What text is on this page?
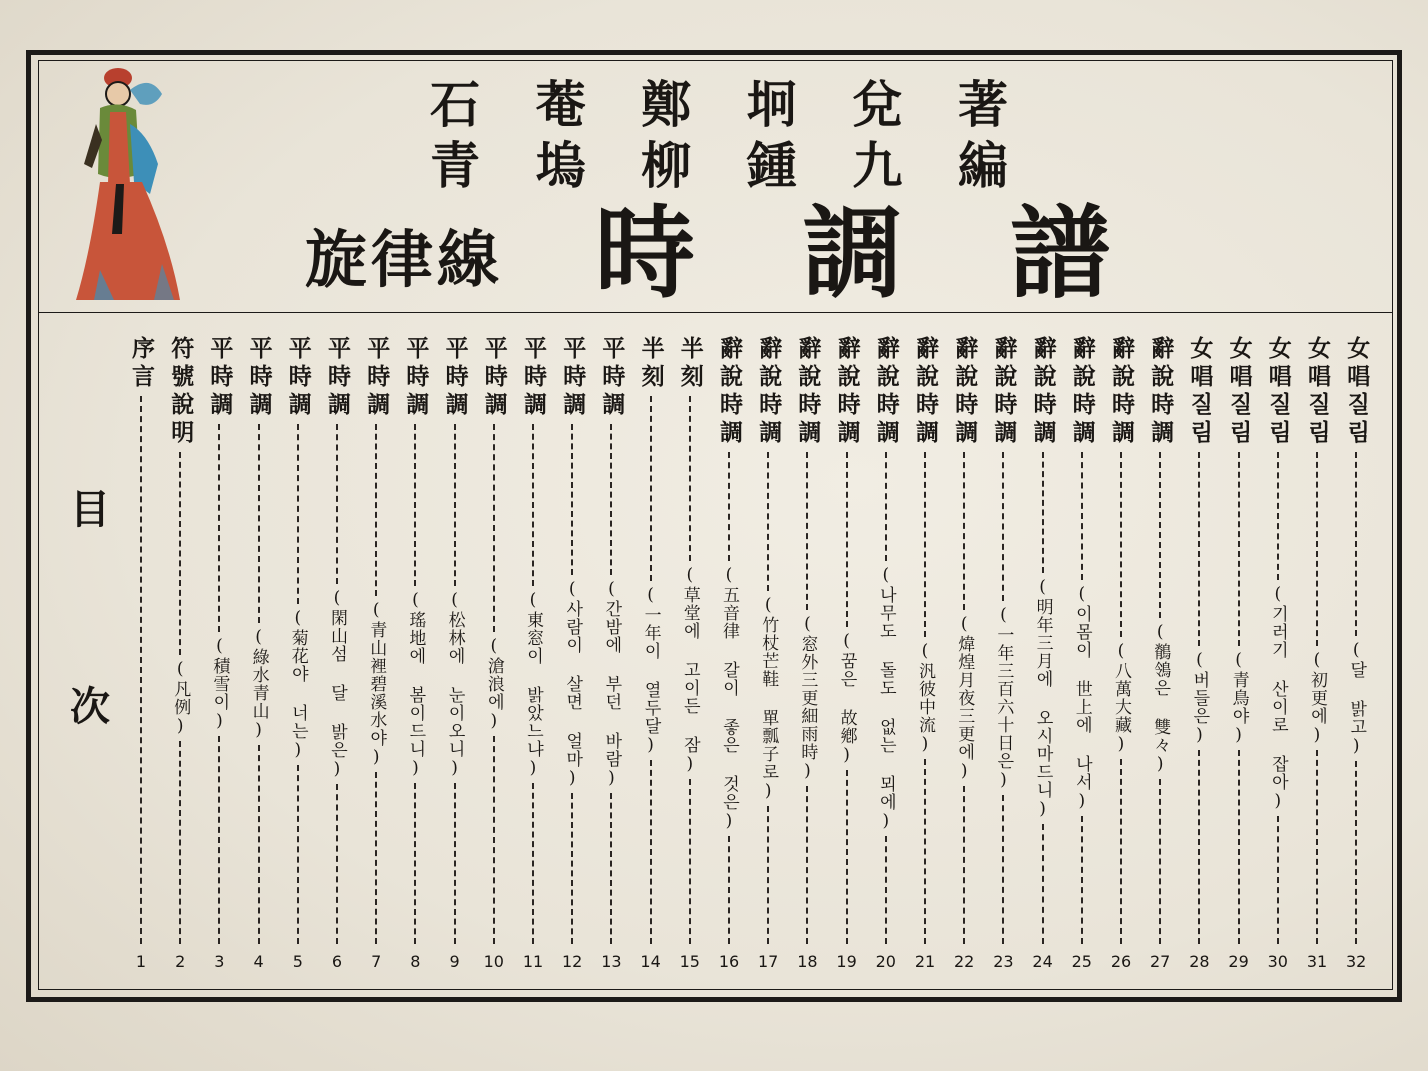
石 菴 鄭 坰 兌 著
青 塢 柳 鍾 九 編
旋律線 時 調 譜
目
次
序言
1
符號說明
(凡例)
2
平時調
(積雪이)
3
平時調
(綠水青山)
4
平時調
(菊花야 너는)
5
平時調
(閑山섬 달 밝은)
6
平時調
(青山裡碧溪水야)
7
平時調
(瑤地에 봄이드니)
8
平時調
(松林에 눈이오니)
9
平時調
(滄浪에)
10
平時調
(東窓이 밝았느냐)
11
平時調
(사람이 살면 얼마)
12
平時調
(간밤에 부던 바람)
13
半刻
(一年이 열두달)
14
半刻
(草堂에 고이든 잠)
15
辭說時調
(五音律 갈이 좋은 것은)
16
辭說時調
(竹杖芒鞋 單瓢子로)
17
辭說時調
(窓外三更細雨時)
18
辭說時調
(꿈은 故鄕)
19
辭說時調
(나무도 돌도 없는 뫼에)
20
辭說時調
(汎彼中流)
21
辭說時調
(煒煌月夜三更에)
22
辭說時調
(一年三百六十日은)
23
辭說時調
(明年三月에 오시마드니)
24
辭說時調
(이몸이 世上에 나서)
25
辭說時調
(八萬大藏)
26
辭說時調
(鶺鴒은 雙々)
27
女唱질림
(버들은)
28
女唱질림
(青鳥야)
29
女唱질림
(기러기 산이로 잡아)
30
女唱질림
(初更에)
31
女唱질림
(달 밝고)
32
